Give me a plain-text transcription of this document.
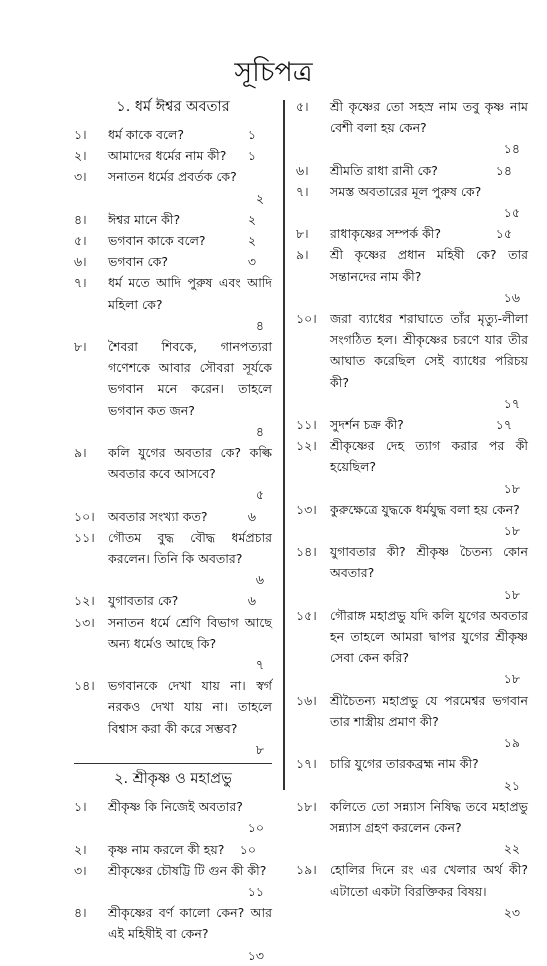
সূচিপত্র
১. ধর্ম ঈশ্বর অবতার
১।	ধর্ম কাকে বলে?	১
২।	আমাদের ধর্মের নাম কী?	১
৩।	সনাতন ধর্মের প্রবর্তক কে?
২
৪।	ঈশ্বর মানে কী?	২
৫।	ভগবান কাকে বলে?	২
৬।	ভগবান কে?	৩
৭।	ধর্ম মতে আদি পুরুষ এবং আদি মহিলা কে?
৪
৮।	শৈবরা শিবকে, গানপত্যরা গণেশকে আবার সৌবরা সূর্যকে ভগবান মনে করেন। তাহলে ভগবান কত জন?
৪
৯।	কলি যুগের অবতার কে? কল্কি অবতার কবে আসবে?
৫
১০।	অবতার সংখ্যা কত?	৬
১১।	গৌতম বুদ্ধ বৌদ্ধ ধর্মপ্রচার করলেন। তিনি কি অবতার?
৬
১২।	যুগাবতার কে?	৬
১৩।	সনাতন ধর্মে শ্রেণি বিভাগ আছে অন্য ধর্মেও আছে কি?
৭
১৪।	ভগবানকে দেখা যায় না। স্বর্গ নরকও দেখা যায় না। তাহলে বিশ্বাস করা কী করে সম্ভব?
৮
২. শ্রীকৃষ্ণ ও মহাপ্রভু
১।	শ্রীকৃষ্ণ কি নিজেই অবতার?
১০
২।	কৃষ্ণ নাম করলে কী হয়?	১০
৩।	শ্রীকৃষ্ণের চৌষট্টি টি গুন কী কী?
১১
৪।	শ্রীকৃষ্ণের বর্ণ কালো কেন? আর এই মহিষীই বা কেন?
১৩
৫।	শ্রী কৃষ্ণের তো সহস্র নাম তবু কৃষ্ণ নাম বেশী বলা হয় কেন?
১৪
৬।	শ্রীমতি রাধা রানী কে?	১৪
৭।	সমস্ত অবতারের মূল পুরুষ কে?
১৫
৮।	রাধাকৃষ্ণের সম্পর্ক কী?	১৫
৯।	শ্রী কৃষ্ণের প্রধান মহিষী কে? তার সন্তানদের নাম কী?
১৬
১০।	জরা ব্যাধের শরাঘাতে তাঁর মৃত্যু-লীলা সংগঠিত হল। শ্রীকৃষ্ণের চরণে যার তীর আঘাত করেছিল সেই ব্যাধের পরিচয় কী?
১৭
১১।	সুদর্শন চক্র কী?	১৭
১২।	শ্রীকৃষ্ণের দেহ ত্যাগ করার পর কী হয়েছিল?
১৮
১৩।	কুরুক্ষেত্রে যুদ্ধকে ধর্মযুদ্ধ বলা হয় কেন?
১৮
১৪।	যুগাবতার কী? শ্রীকৃষ্ণ চৈতন্য কোন অবতার?
১৮
১৫।	গৌরাঙ্গ মহাপ্রভু যদি কলি যুগের অবতার হন তাহলে আমরা দ্বাপর যুগের শ্রীকৃষ্ণ সেবা কেন করি?
১৮
১৬।	শ্রীচৈতন্য মহাপ্রভু যে পরমেশ্বর ভগবান তার শাস্ত্রীয় প্রমাণ কী?
১৯
১৭।	চারি যুগের তারকব্রহ্ম নাম কী?
২১
১৮।	কলিতে তো সন্ন্যাস নিষিদ্ধ তবে মহাপ্রভু সন্ন্যাস গ্রহণ করলেন কেন?
২২
১৯।	হোলির দিনে রং এর খেলার অর্থ কী? এটাতো একটা বিরক্তিকর বিষয়।
২৩
